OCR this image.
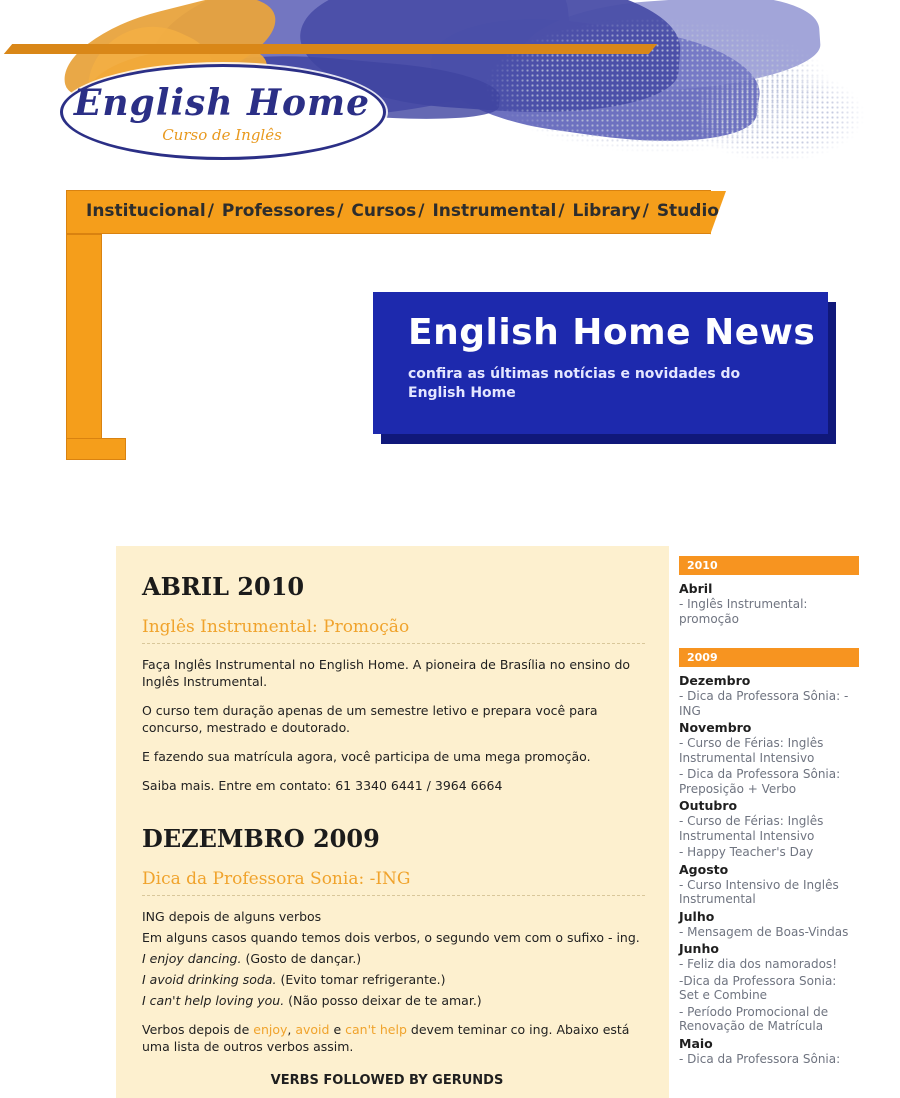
English Home
Curso de Inglês
Institucional / Professores / Cursos / Instrumental / Library / Studio
English Home News
confira as últimas notícias e novidades do English Home
ABRIL 2010
Inglês Instrumental: Promoção

Faça Inglês Instrumental no English Home. A pioneira de Brasília no ensino do Inglês Instrumental.

O curso tem duração apenas de um semestre letivo e prepara você para concurso, mestrado e doutorado.

E fazendo sua matrícula agora, você participa de uma mega promoção.

Saiba mais. Entre em contato: 61 3340 6441 / 3964 6664

DEZEMBRO 2009
Dica da Professora Sonia: -ING

ING depois de alguns verbos

Em alguns casos quando temos dois verbos, o segundo vem com o sufixo - ing.

I enjoy dancing. (Gosto de dançar.)

I avoid drinking soda. (Evito tomar refrigerante.)

I can't help loving you. (Não posso deixar de te amar.)

Verbos depois de enjoy, avoid e can't help devem teminar co ing. Abaixo está uma lista de outros verbos assim.

VERBS FOLLOWED BY GERUNDS
2010
Abril
- Inglês Instrumental: promoção
2009
Dezembro
- Dica da Professora Sônia: -ING
Novembro
- Curso de Férias: Inglês Instrumental Intensivo
- Dica da Professora Sônia: Preposição + Verbo
Outubro
- Curso de Férias: Inglês Instrumental Intensivo
- Happy Teacher's Day
Agosto
- Curso Intensivo de Inglês Instrumental
Julho
- Mensagem de Boas-Vindas
Junho
- Feliz dia dos namorados!
-Dica da Professora Sonia: Set e Combine
- Período Promocional de Renovação de Matrícula
Maio
- Dica da Professora Sônia:
